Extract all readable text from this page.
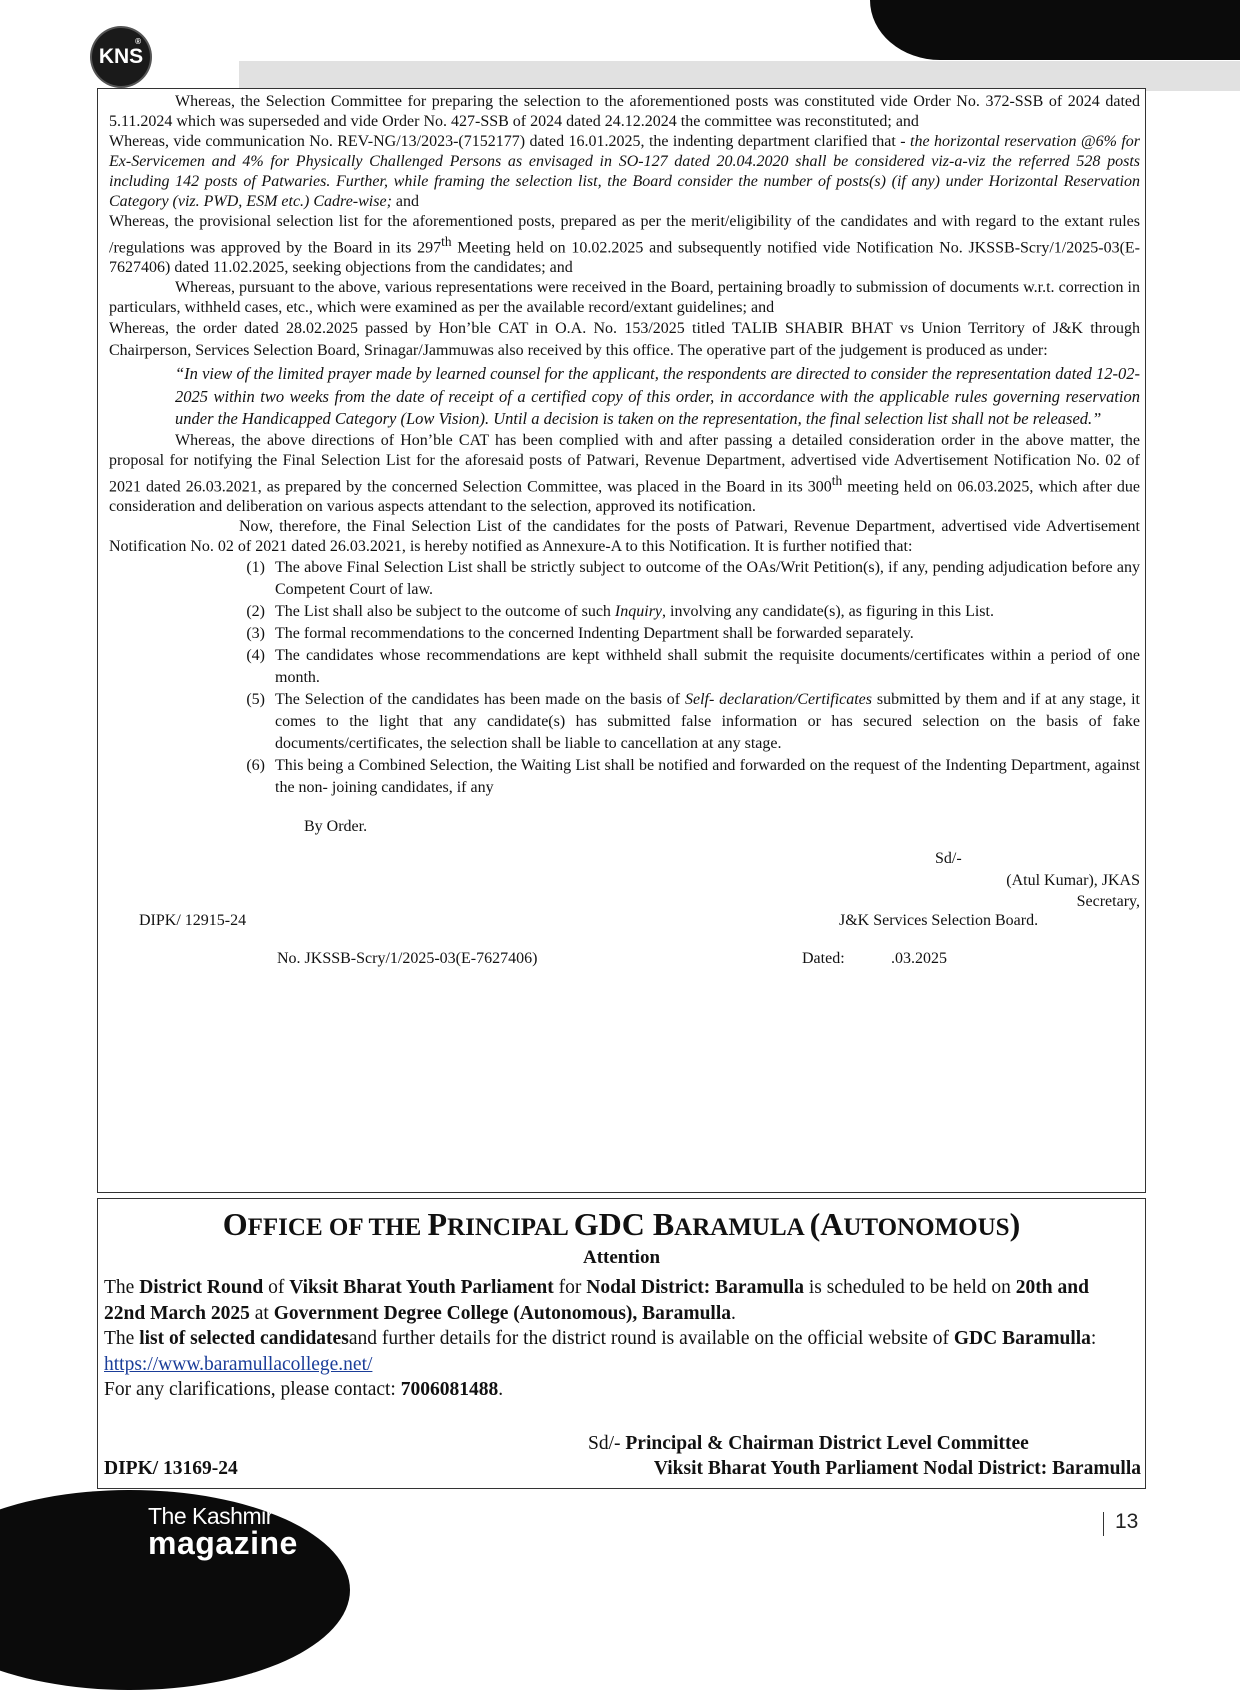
KNS
®

Whereas, the Selection Committee for preparing the selection to the aforementioned posts was constituted vide Order No. 372-SSB of 2024 dated 5.11.2024 which was superseded and vide Order No. 427-SSB of 2024 dated 24.12.2024 the committee was reconstituted; and

Whereas, vide communication No. REV-NG/13/2023-(7152177) dated 16.01.2025, the indenting department clarified that - the horizontal reservation @6% for Ex-Servicemen and 4% for Physically Challenged Persons as envisaged in SO-127 dated 20.04.2020 shall be considered viz-a-viz the referred 528 posts including 142 posts of Patwaries. Further, while framing the selection list, the Board consider the number of posts(s) (if any) under Horizontal Reservation Category (viz. PWD, ESM etc.) Cadre-wise; and

Whereas, the provisional selection list for the aforementioned posts, prepared as per the merit/eligibility of the candidates and with regard to the extant rules /regulations was approved by the Board in its 297th Meeting held on 10.02.2025 and subsequently notified vide Notification No. JKSSB-Scry/1/2025-03(E-7627406) dated 11.02.2025, seeking objections from the candidates; and

Whereas, pursuant to the above, various representations were received in the Board, pertaining broadly to submission of documents w.r.t. correction in particulars, withheld cases, etc., which were examined as per the available record/extant guidelines; and

Whereas, the order dated 28.02.2025 passed by Hon’ble CAT in O.A. No. 153/2025 titled TALIB SHABIR BHAT vs Union Territory of J&K through Chairperson, Services Selection Board, Srinagar/Jammuwas also received by this office. The operative part of the judgement is produced as under:

“In view of the limited prayer made by learned counsel for the applicant, the respondents are directed to consider the representation dated 12-02-2025 within two weeks from the date of receipt of a certified copy of this order, in accordance with the applicable rules governing reservation under the Handicapped Category (Low Vision). Until a decision is taken on the representation, the final selection list shall not be released.”

Whereas, the above directions of Hon’ble CAT has been complied with and after passing a detailed consideration order in the above matter, the proposal for notifying the Final Selection List for the aforesaid posts of Patwari, Revenue Department, advertised vide Advertisement Notification No. 02 of 2021 dated 26.03.2021, as prepared by the concerned Selection Committee, was placed in the Board in its 300th meeting held on 06.03.2025, which after due consideration and deliberation on various aspects attendant to the selection, approved its notification.

Now, therefore, the Final Selection List of the candidates for the posts of Patwari, Revenue Department, advertised vide Advertisement Notification No. 02 of 2021 dated 26.03.2021, is hereby notified as Annexure-A to this Notification. It is further notified that:

(1) The above Final Selection List shall be strictly subject to outcome of the OAs/Writ Petition(s), if any, pending adjudication before any Competent Court of law.
(2) The List shall also be subject to the outcome of such Inquiry, involving any candidate(s), as figuring in this List.
(3) The formal recommendations to the concerned Indenting Department shall be forwarded separately.
(4) The candidates whose recommendations are kept withheld shall submit the requisite documents/certificates within a period of one month.
(5) The Selection of the candidates has been made on the basis of Self- declaration/Certificates submitted by them and if at any stage, it comes to the light that any candidate(s) has submitted false information or has secured selection on the basis of fake documents/certificates, the selection shall be liable to cancellation at any stage.
(6) This being a Combined Selection, the Waiting List shall be notified and forwarded on the request of the Indenting Department, against the non- joining candidates, if any
By Order.
Sd/-
(Atul Kumar), JKAS
Secretary,
DIPK/ 12915-24	J&K Services Selection Board.
No. JKSSB-Scry/1/2025-03(E-7627406)	Dated:	.03.2025
OFFICE OF THE PRINCIPAL GDC BARAMULA (AUTONOMOUS)
Attention

The District Round of Viksit Bharat Youth Parliament for Nodal District: Baramulla is scheduled to be held on 20th and 22nd March 2025 at Government Degree College (Autonomous), Baramulla.

The list of selected candidatesand further details for the district round is available on the official website of GDC Baramulla:

https://www.baramullacollege.net/

For any clarifications, please contact: 7006081488.

Sd/- Principal & Chairman District Level Committee
DIPK/ 13169-24	Viksit Bharat Youth Parliament Nodal District: Baramulla
The Kashmir
magazine
13
